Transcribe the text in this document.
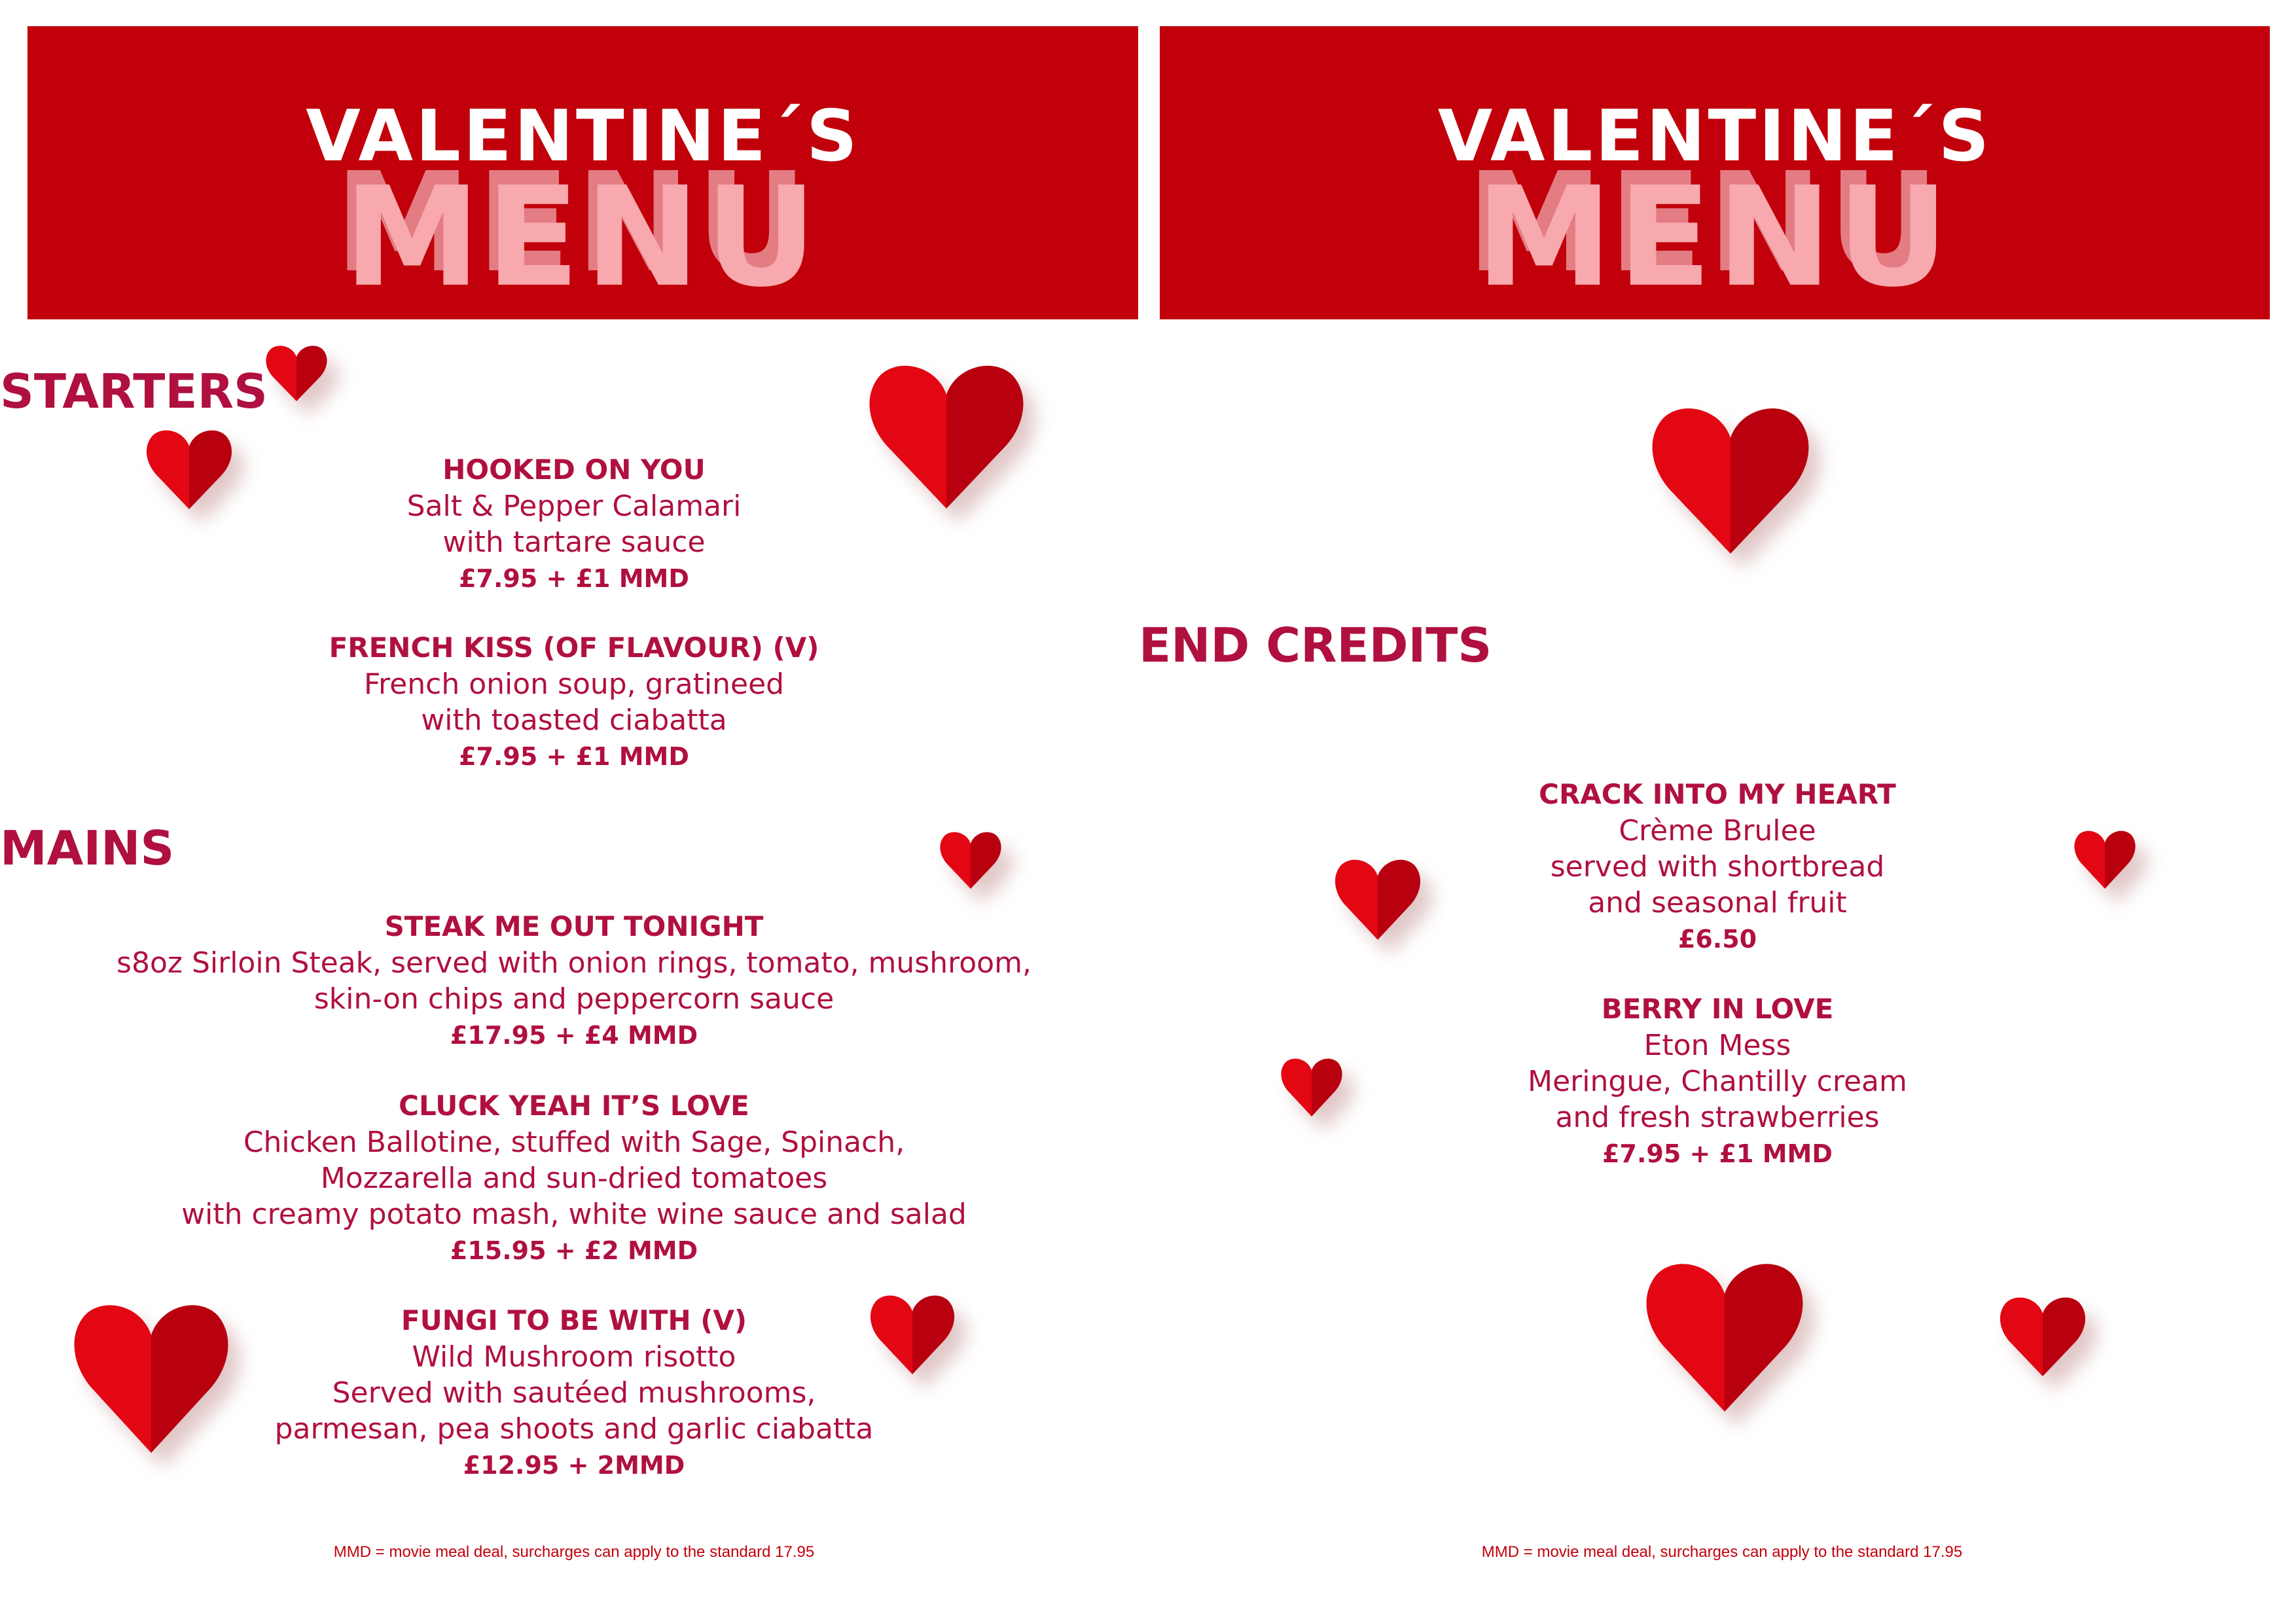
VALENTINE´S
MENU
STARTERS
HOOKED ON YOU
Salt & Pepper Calamari
with tartare sauce
£7.95 + £1 MMD
FRENCH KISS (OF FLAVOUR) (V)
French onion soup, gratineed
with toasted ciabatta
£7.95 + £1 MMD
MAINS
STEAK ME OUT TONIGHT
s8oz Sirloin Steak, served with onion rings, tomato, mushroom,
skin-on chips and peppercorn sauce
£17.95 + £4 MMD
CLUCK YEAH IT’S LOVE
Chicken Ballotine, stuffed with Sage, Spinach,
Mozzarella and sun-dried tomatoes
with creamy potato mash, white wine sauce and salad
£15.95 + £2 MMD
FUNGI TO BE WITH (V)
Wild Mushroom risotto
Served with sautéed mushrooms,
parmesan, pea shoots and garlic ciabatta
£12.95 + 2MMD
MMD = movie meal deal, surcharges can apply to the standard 17.95
VALENTINE´S
MENU
END CREDITS
CRACK INTO MY HEART
Crème Brulee
served with shortbread
and seasonal fruit
£6.50
BERRY IN LOVE
Eton Mess
Meringue, Chantilly cream
and fresh strawberries
£7.95 + £1 MMD
MMD = movie meal deal, surcharges can apply to the standard 17.95
